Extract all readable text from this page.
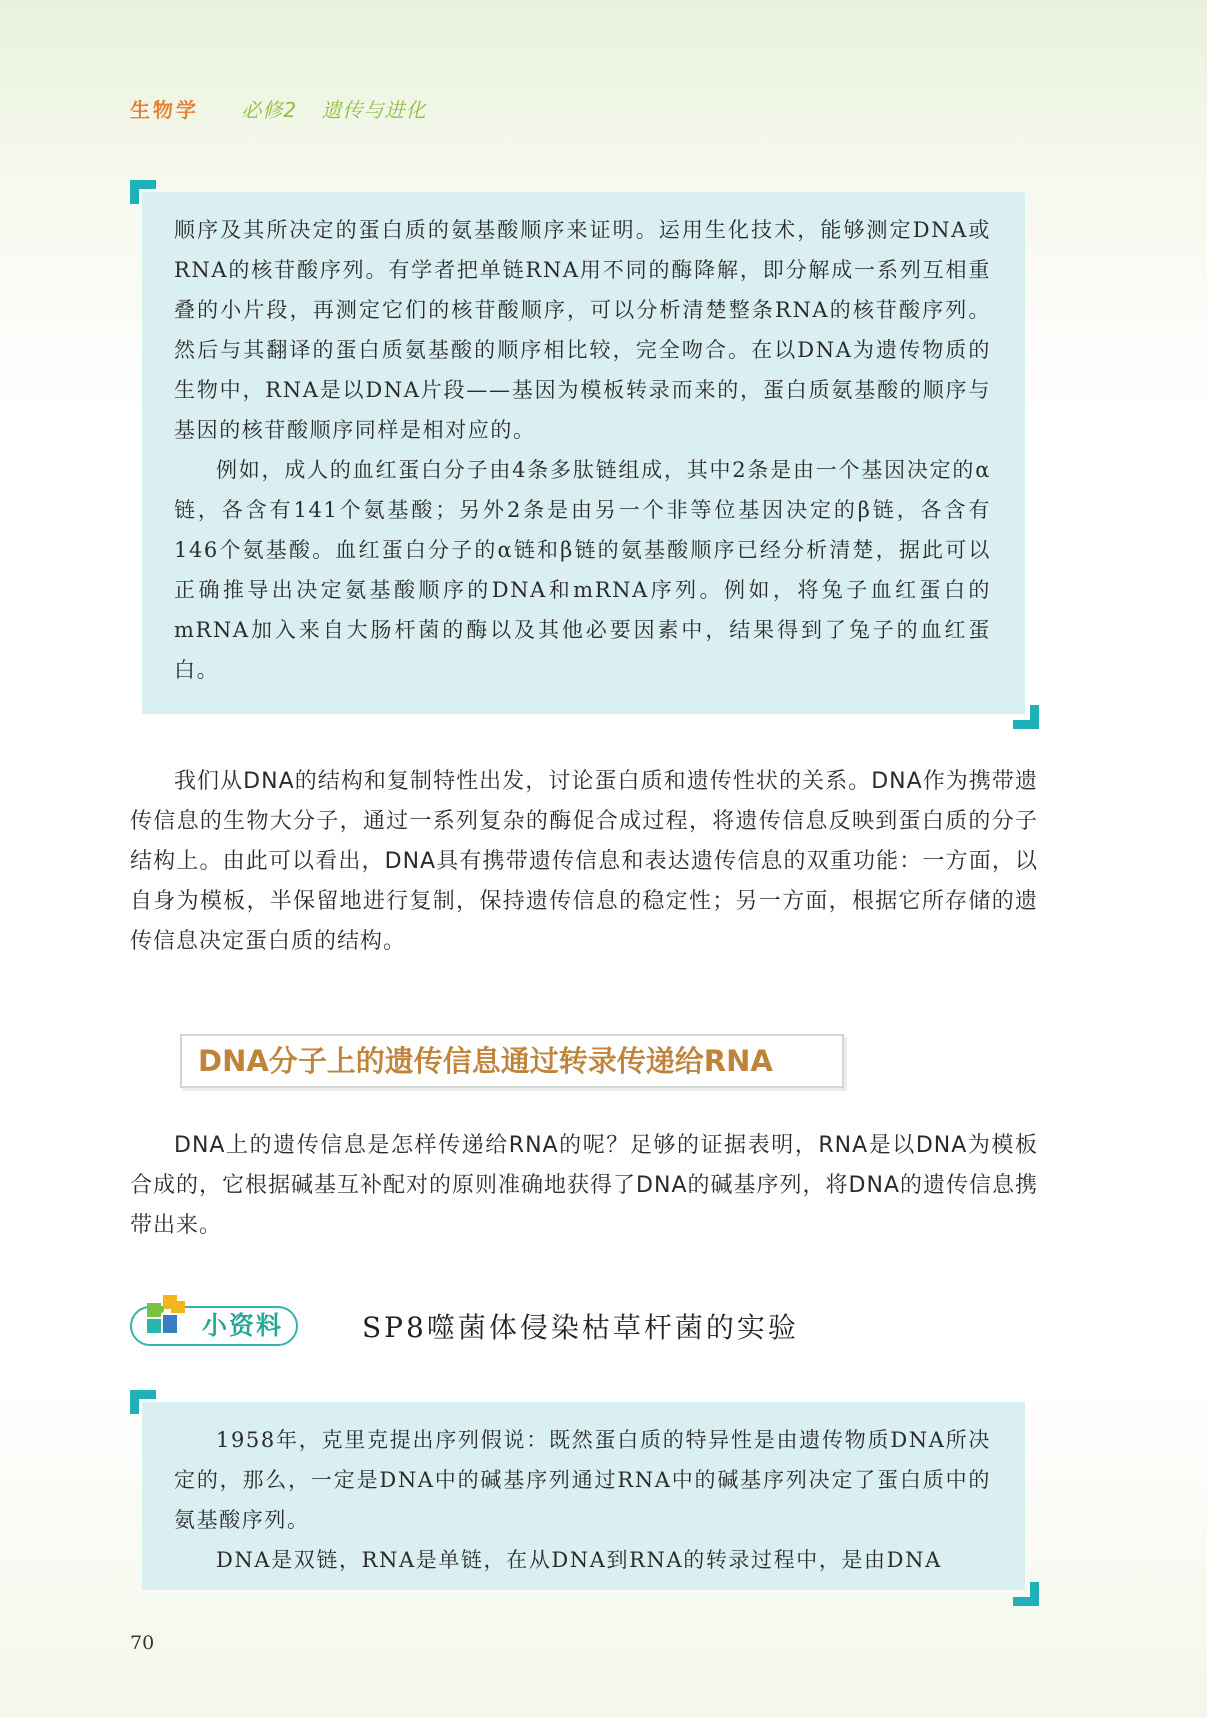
生物学 必修2 遗传与进化

顺序及其所决定的蛋白质的氨基酸顺序来证明。运用生化技术，能够测定DNA或RNA的核苷酸序列。有学者把单链RNA用不同的酶降解，即分解成一系列互相重叠的小片段，再测定它们的核苷酸顺序，可以分析清楚整条RNA的核苷酸序列。然后与其翻译的蛋白质氨基酸的顺序相比较，完全吻合。在以DNA为遗传物质的生物中，RNA是以DNA片段——基因为模板转录而来的，蛋白质氨基酸的顺序与基因的核苷酸顺序同样是相对应的。

例如，成人的血红蛋白分子由4条多肽链组成，其中2条是由一个基因决定的α链，各含有141个氨基酸；另外2条是由另一个非等位基因决定的β链，各含有146个氨基酸。血红蛋白分子的α链和β链的氨基酸顺序已经分析清楚，据此可以正确推导出决定氨基酸顺序的DNA和mRNA序列。例如，将兔子血红蛋白的mRNA加入来自大肠杆菌的酶以及其他必要因素中，结果得到了兔子的血红蛋白。

我们从DNA的结构和复制特性出发，讨论蛋白质和遗传性状的关系。DNA作为携带遗传信息的生物大分子，通过一系列复杂的酶促合成过程，将遗传信息反映到蛋白质的分子结构上。由此可以看出，DNA具有携带遗传信息和表达遗传信息的双重功能：一方面，以自身为模板，半保留地进行复制，保持遗传信息的稳定性；另一方面，根据它所存储的遗传信息决定蛋白质的结构。

DNA分子上的遗传信息通过转录传递给RNA

DNA上的遗传信息是怎样传递给RNA的呢？足够的证据表明，RNA是以DNA为模板合成的，它根据碱基互补配对的原则准确地获得了DNA的碱基序列，将DNA的遗传信息携带出来。

小资料	SP8噬菌体侵染枯草杆菌的实验

1958年，克里克提出序列假说：既然蛋白质的特异性是由遗传物质DNA所决定的，那么，一定是DNA中的碱基序列通过RNA中的碱基序列决定了蛋白质中的氨基酸序列。

DNA是双链，RNA是单链，在从DNA到RNA的转录过程中，是由DNA

70
